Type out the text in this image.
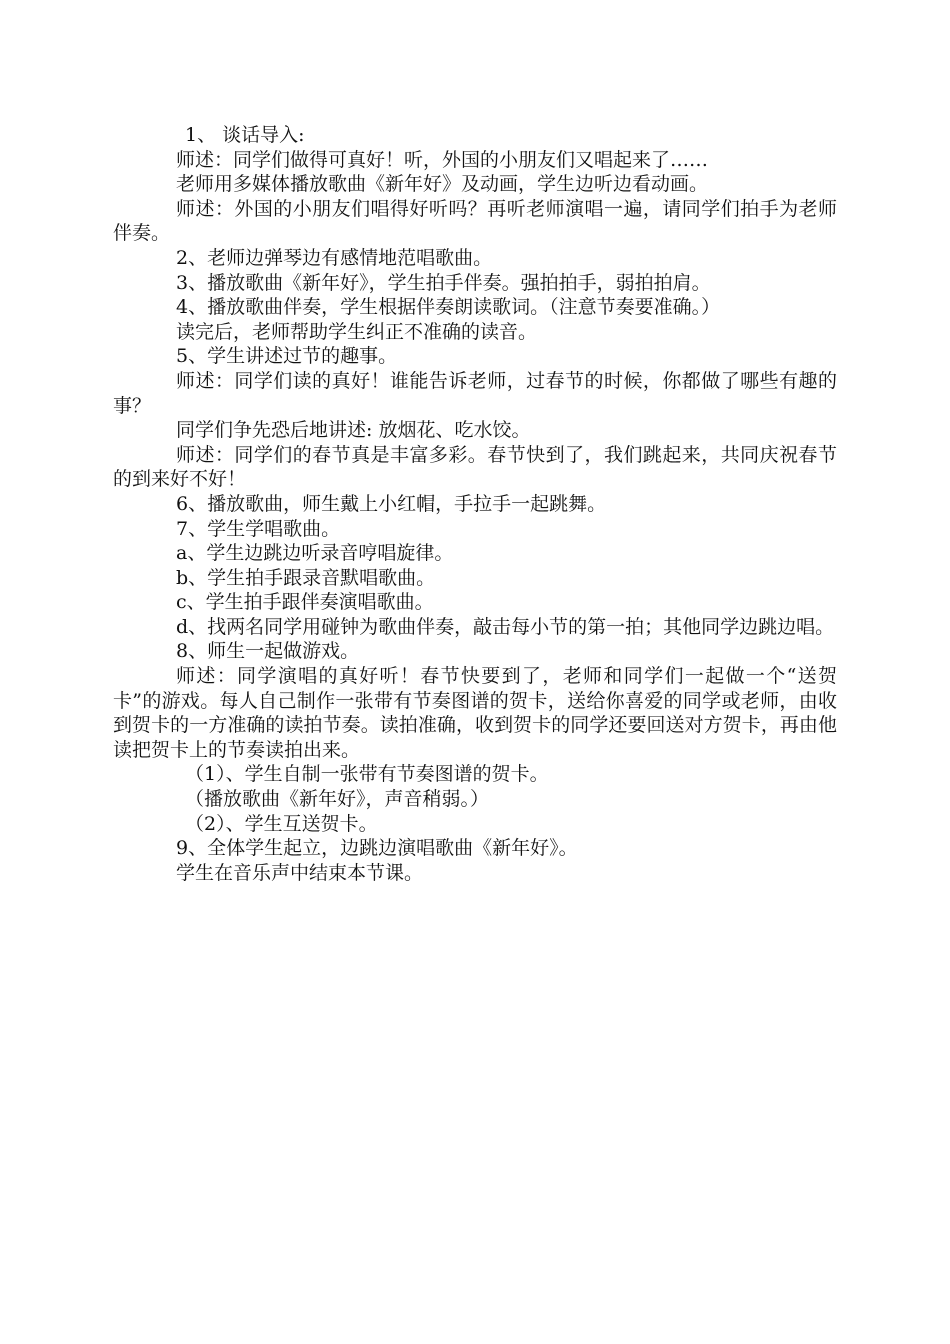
1、 谈话导入:

师述：同学们做得可真好！听，外国的小朋友们又唱起来了……

老师用多媒体播放歌曲《新年好》及动画，学生边听边看动画。

师述：外国的小朋友们唱得好听吗？再听老师演唱一遍，请同学们拍手为老师伴奏。

2、老师边弹琴边有感情地范唱歌曲。

3、播放歌曲《新年好》，学生拍手伴奏。强拍拍手，弱拍拍肩。

4、播放歌曲伴奏，学生根据伴奏朗读歌词。（注意节奏要准确。）

读完后，老师帮助学生纠正不准确的读音。

5、学生讲述过节的趣事。

师述：同学们读的真好！谁能告诉老师，过春节的时候，你都做了哪些有趣的事？

同学们争先恐后地讲述: 放烟花、吃水饺。

师述：同学们的春节真是丰富多彩。春节快到了，我们跳起来，共同庆祝春节的到来好不好！

6、播放歌曲，师生戴上小红帽，手拉手一起跳舞。

7、学生学唱歌曲。

a、学生边跳边听录音哼唱旋律。

b、学生拍手跟录音默唱歌曲。

c、学生拍手跟伴奏演唱歌曲。

d、找两名同学用碰钟为歌曲伴奏，敲击每小节的第一拍；其他同学边跳边唱。

8、师生一起做游戏。

师述：同学演唱的真好听！春节快要到了，老师和同学们一起做一个“送贺卡”的游戏。每人自己制作一张带有节奏图谱的贺卡，送给你喜爱的同学或老师，由收到贺卡的一方准确的读拍节奏。读拍准确，收到贺卡的同学还要回送对方贺卡，再由他读把贺卡上的节奏读拍出来。

（1）、学生自制一张带有节奏图谱的贺卡。

（播放歌曲《新年好》，声音稍弱。）

（2）、学生互送贺卡。

9、全体学生起立，边跳边演唱歌曲《新年好》。

学生在音乐声中结束本节课。
